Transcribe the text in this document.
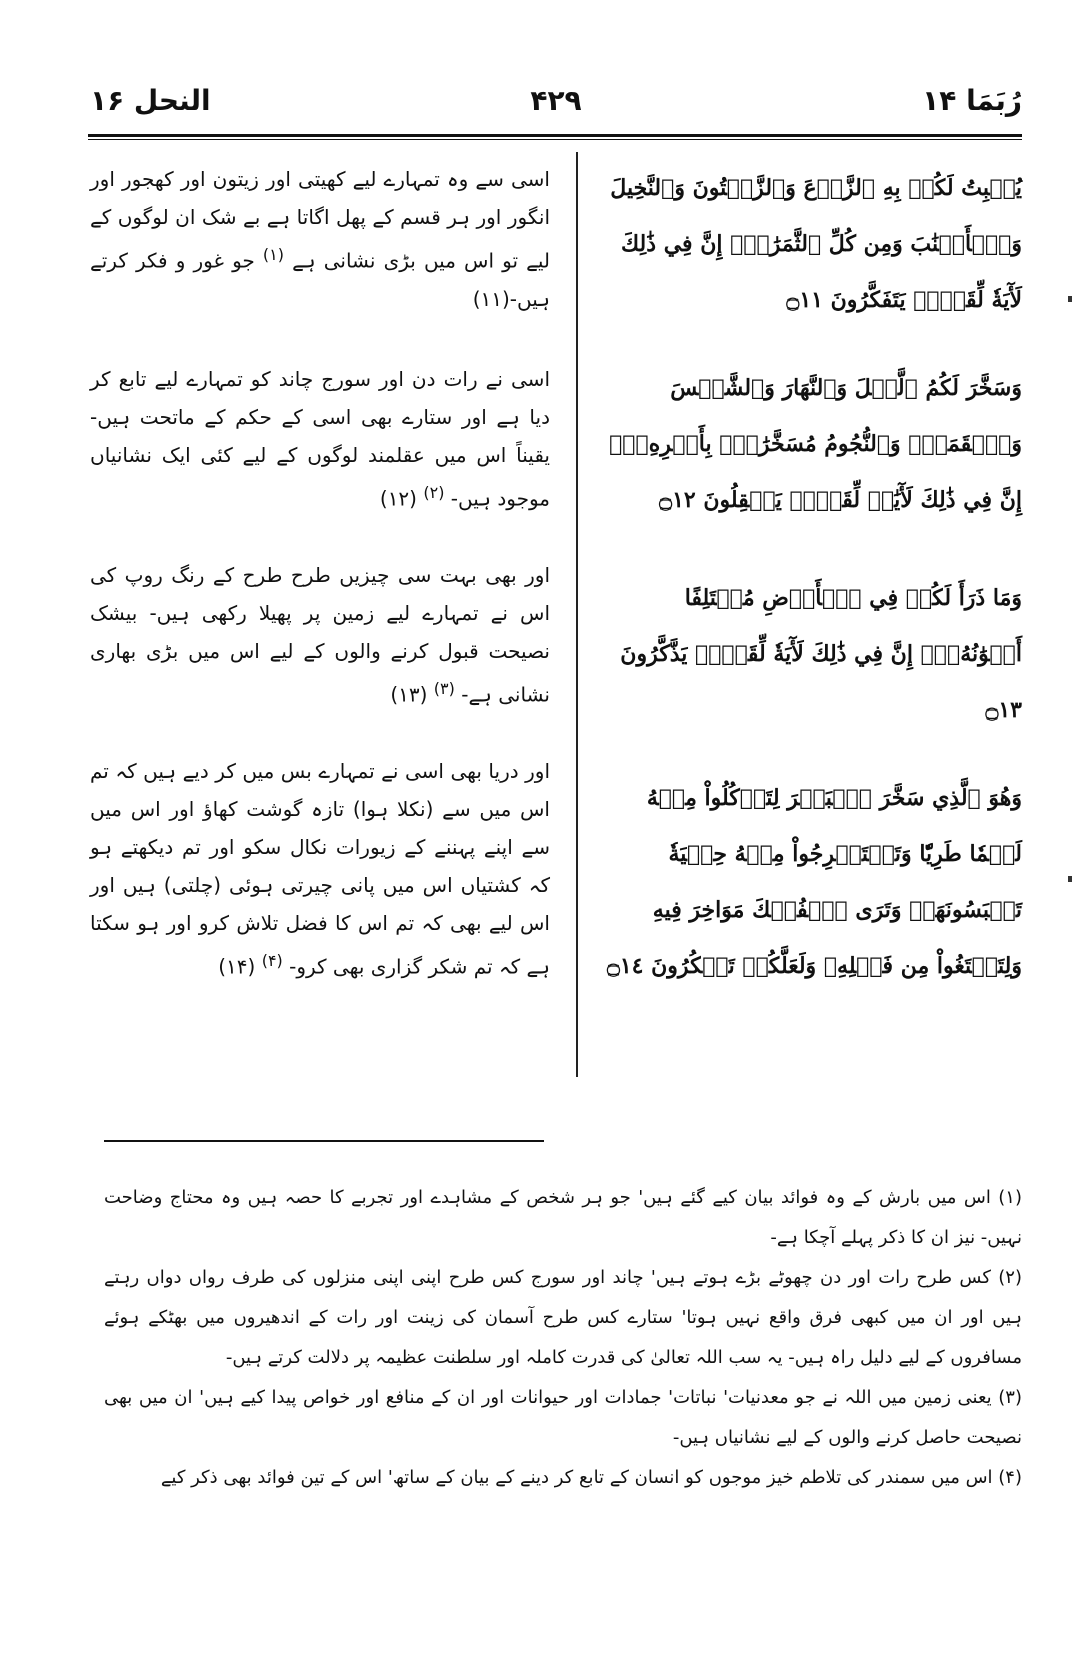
النحل ۱۶	۴۲۹	رُبَمَا ۱۴

يُنۢبِتُ لَكُمۡ بِهِ ٱلزَّرۡعَ وَٱلزَّيۡتُونَ وَٱلنَّخِيلَ وَٱلۡأَعۡنَٰبَ وَمِن كُلِّ ٱلثَّمَرَٰتِۚ إِنَّ فِي ذَٰلِكَ لَأٓيَةٗ لِّقَوۡمٖ يَتَفَكَّرُونَ ۝١١

اسی سے وہ تمہارے لیے کھیتی اور زیتون اور کھجور اور انگور اور ہر قسم کے پھل اگاتا ہے بے شک ان لوگوں کے لیے تو اس میں بڑی نشانی ہے $^{(۱)}$ جو غور و فکر کرتے ہیں-(۱۱)

وَسَخَّرَ لَكُمُ ٱلَّيۡلَ وَٱلنَّهَارَ وَٱلشَّمۡسَ وَٱلۡقَمَرَۖ وَٱلنُّجُومُ مُسَخَّرَٰتُۢ بِأَمۡرِهِۦٓۚ إِنَّ فِي ذَٰلِكَ لَأٓيَٰتٖ لِّقَوۡمٖ يَعۡقِلُونَ ۝١٢

اسی نے رات دن اور سورج چاند کو تمہارے لیے تابع کر دیا ہے اور ستارے بھی اسی کے حکم کے ماتحت ہیں- یقیناً اس میں عقلمند لوگوں کے لیے کئی ایک نشانیاں موجود ہیں- $^{(۲)}$ (۱۲)

وَمَا ذَرَأَ لَكُمۡ فِي ٱلۡأَرۡضِ مُخۡتَلِفًا أَلۡوَٰنُهُۥٓۚ إِنَّ فِي ذَٰلِكَ لَأٓيَةٗ لِّقَوۡمٖ يَذَّكَّرُونَ ۝١٣

اور بھی بہت سی چیزیں طرح طرح کے رنگ روپ کی اس نے تمہارے لیے زمین پر پھیلا رکھی ہیں- بیشک نصیحت قبول کرنے والوں کے لیے اس میں بڑی بھاری نشانی ہے- $^{(۳)}$ (۱۳)

وَهُوَ ٱلَّذِي سَخَّرَ ٱلۡبَحۡرَ لِتَأۡكُلُواْ مِنۡهُ لَحۡمٗا طَرِيّٗا وَتَسۡتَخۡرِجُواْ مِنۡهُ حِلۡيَةٗ تَلۡبَسُونَهَاۖ وَتَرَى ٱلۡفُلۡكَ مَوَاخِرَ فِيهِ وَلِتَبۡتَغُواْ مِن فَضۡلِهِۦ وَلَعَلَّكُمۡ تَشۡكُرُونَ ۝١٤

اور دریا بھی اسی نے تمہارے بس میں کر دیے ہیں کہ تم اس میں سے (نکلا ہوا) تازہ گوشت کھاؤ اور اس میں سے اپنے پہننے کے زیورات نکال سکو اور تم دیکھتے ہو کہ کشتیاں اس میں پانی چیرتی ہوئی (چلتی) ہیں اور اس لیے بھی کہ تم اس کا فضل تلاش کرو اور ہو سکتا ہے کہ تم شکر گزاری بھی کرو- $^{(۴)}$ (۱۴)

(۱) اس میں بارش کے وہ فوائد بیان کیے گئے ہیں' جو ہر شخص کے مشاہدے اور تجربے کا حصہ ہیں وہ محتاج وضاحت نہیں- نیز ان کا ذکر پہلے آچکا ہے-

(۲) کس طرح رات اور دن چھوٹے بڑے ہوتے ہیں' چاند اور سورج کس طرح اپنی اپنی منزلوں کی طرف رواں دواں رہتے ہیں اور ان میں کبھی فرق واقع نہیں ہوتا' ستارے کس طرح آسمان کی زینت اور رات کے اندھیروں میں بھٹکے ہوئے مسافروں کے لیے دلیل راہ ہیں- یہ سب اللہ تعالیٰ کی قدرت کاملہ اور سلطنت عظیمہ پر دلالت کرتے ہیں-

(۳) یعنی زمین میں اللہ نے جو معدنیات' نباتات' جمادات اور حیوانات اور ان کے منافع اور خواص پیدا کیے ہیں' ان میں بھی نصیحت حاصل کرنے والوں کے لیے نشانیاں ہیں-

(۴) اس میں سمندر کی تلاطم خیز موجوں کو انسان کے تابع کر دینے کے بیان کے ساتھ' اس کے تین فوائد بھی ذکر کیے
